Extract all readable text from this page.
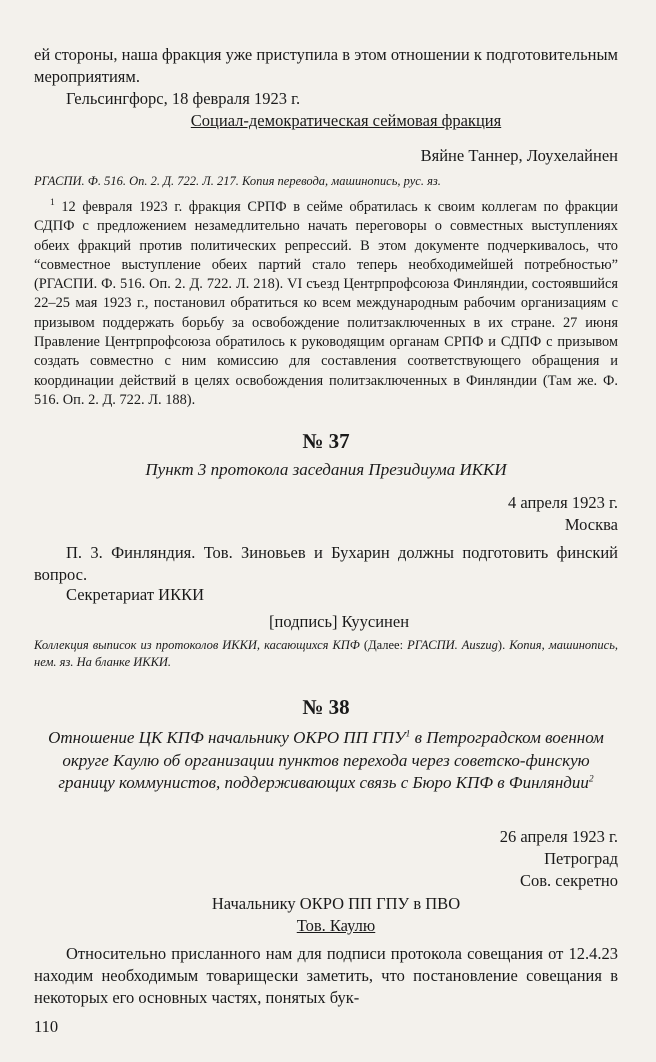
ей стороны, наша фракция уже приступила в этом отношении к подготовительным мероприятиям.
Гельсингфорс, 18 февраля 1923 г.
Социал-демократическая сеймовая фракция
Вяйне Таннер, Лоухелайнен
РГАСПИ. Ф. 516. Оп. 2. Д. 722. Л. 217. Копия перевода, машинопись, рус. яз.
$^1$ 12 февраля 1923 г. фракция СРПФ в сейме обратилась к своим коллегам по фракции СДПФ с предложением незамедлительно начать переговоры о совместных выступлениях обеих фракций против политических репрессий. В этом документе подчеркивалось, что “совместное выступление обеих партий стало теперь необходимейшей потребностью” (РГАСПИ. Ф. 516. Оп. 2. Д. 722. Л. 218). VI съезд Центрпрофсоюза Финляндии, состоявшийся 22–25 мая 1923 г., постановил обратиться ко всем международным рабочим организациям с призывом поддержать борьбу за освобождение политзаключенных в их стране. 27 июня Правление Центрпрофсоюза обратилось к руководящим органам СРПФ и СДПФ с призывом создать совместно с ним комиссию для составления соответствующего обращения и координации действий в целях освобождения политзаключенных в Финляндии (Там же. Ф. 516. Оп. 2. Д. 722. Л. 188).
№ 37
Пункт 3 протокола заседания Президиума ИККИ
4 апреля 1923 г.
Москва
П. 3. Финляндия. Тов. Зиновьев и Бухарин должны подготовить финский вопрос.
Секретариат ИККИ
[подпись] Куусинен
Коллекция выписок из протоколов ИККИ, касающихся КПФ (Далее: РГАСПИ. Auszug). Копия, машинопись, нем. яз. На бланке ИККИ.
№ 38
Отношение ЦК КПФ начальнику ОКРО ПП ГПУ$^1$ в Петроградском военном округе Каулю об организации пунктов перехода через советско-финскую границу коммунистов, поддерживающих связь с Бюро КПФ в Финляндии$^2$
26 апреля 1923 г.
Петроград
Сов. секретно
Начальнику ОКРО ПП ГПУ в ПВО
Тов. Каулю
Относительно присланного нам для подписи протокола совещания от 12.4.23 находим необходимым товарищески заметить, что постановление совещания в некоторых его основных частях, понятых бук-
110
